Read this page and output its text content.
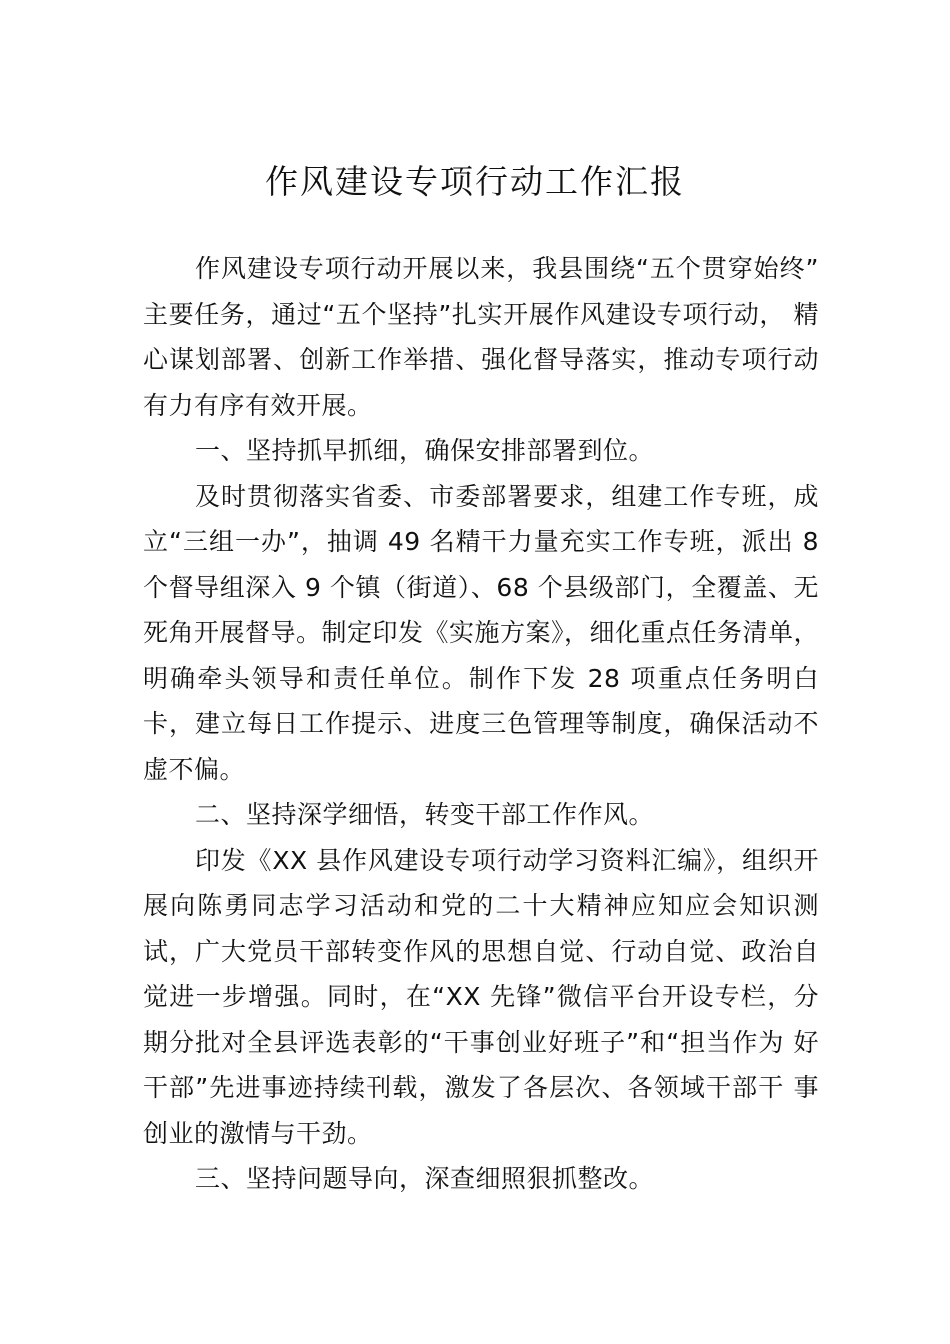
作风建设专项行动工作汇报

作风建设专项行动开展以来，我县围绕“五个贯穿始终” 主要任务，通过“五个坚持”扎实开展作风建设专项行动， 精心谋划部署、创新工作举措、强化督导落实，推动专项行动有力有序有效开展。

一、坚持抓早抓细，确保安排部署到位。

及时贯彻落实省委、市委部署要求，组建工作专班，成立“三组一办”，抽调 49 名精干力量充实工作专班，派出 8 个督导组深入 9 个镇（街道）、68 个县级部门，全覆盖、无死角开展督导。制定印发《实施方案》，细化重点任务清单，明确牵头领导和责任单位。制作下发 28 项重点任务明白卡，建立每日工作提示、进度三色管理等制度，确保活动不虚不偏。

二、坚持深学细悟，转变干部工作作风。

印发《XX 县作风建设专项行动学习资料汇编》，组织开展向陈勇同志学习活动和党的二十大精神应知应会知识测 试，广大党员干部转变作风的思想自觉、行动自觉、政治自觉进一步增强。同时，在“XX 先锋”微信平台开设专栏，分期分批对全县评选表彰的“干事创业好班子”和“担当作为 好干部”先进事迹持续刊载，激发了各层次、各领域干部干 事创业的激情与干劲。

三、坚持问题导向，深查细照狠抓整改。
